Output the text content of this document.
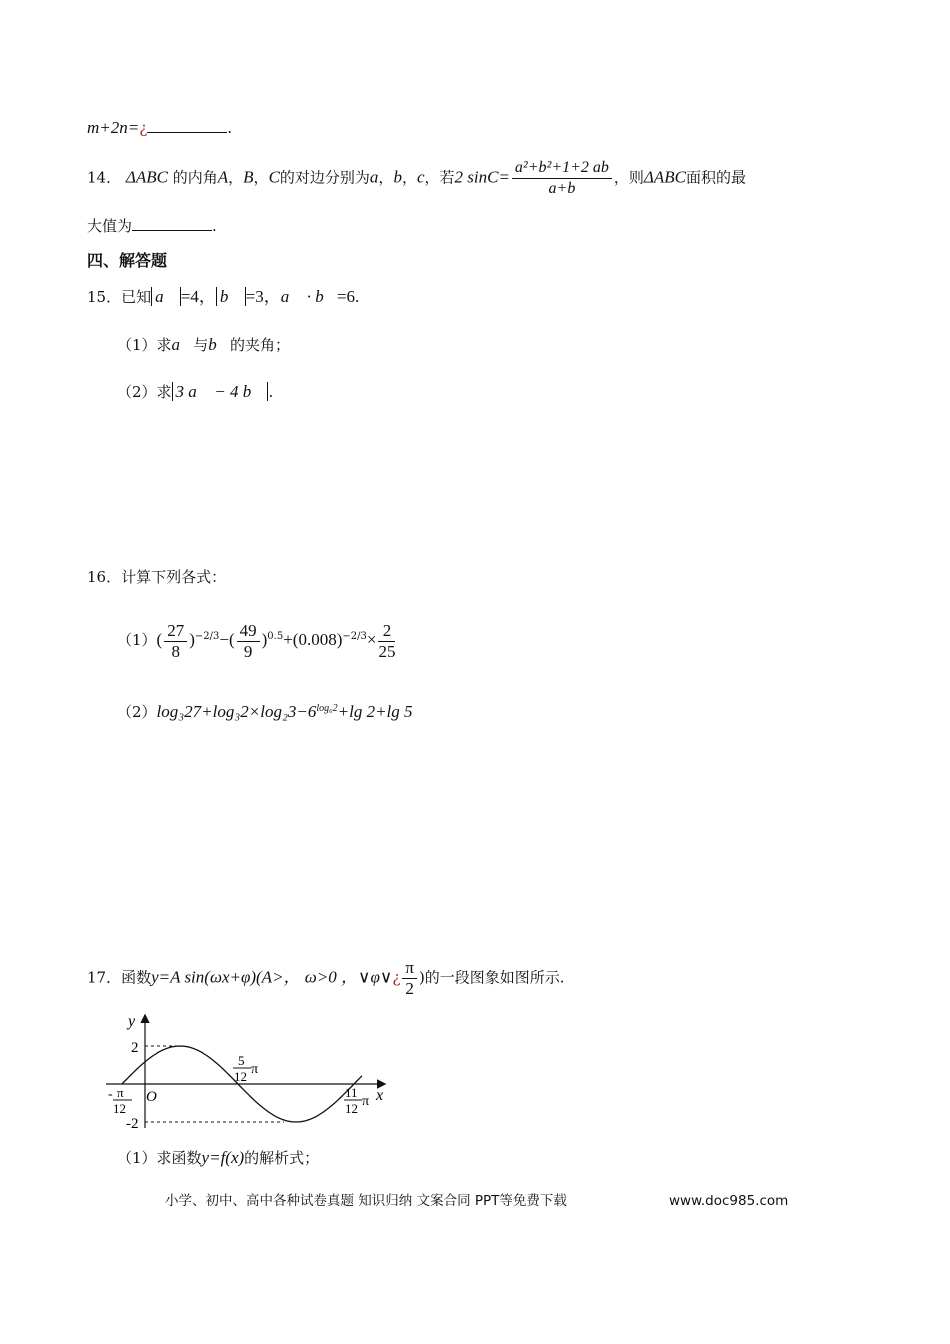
m+2n=¿	.
14． ΔABC 的内角A，B，C的对边分别为a，b，c，若2 $\sin C= \frac{\text{a²+b²+1+2 ab}}{a+b}$ ，则ΔABC面积的最
大值为	.
四、解答题
15．已知 a⃗ =4， b⃗ =3，a⃗ · b⃗=6.
（1）求a⃗与b⃗的夹角；
（2）求 3 a⃗ − 4 b⃗ .
16．计算下列各式：
$(1)( \frac{27}{8} )^{-2/3}-( \frac{49}{9} )^{0.5}+(0.008)^{-2/3}\times \frac{2}{25}$
$(2)\log_327+\log_32\times\log_23-6^{log_62}+\lg$ 2+lg 5
17．函数y=A sin(ωx+φ)(A>， ω>0 ，∨φ∨¿ $\frac{\pi}{2}$ )的一段图象如图所示.
y
x
O
2
-2
- π
12
5
12 π
11
12 π
（1）求函数y=f(x)的解析式；
小学、初中、高中各种试卷真题 知识归纳 文案合同 PPT等免费下载	www.doc985.com
